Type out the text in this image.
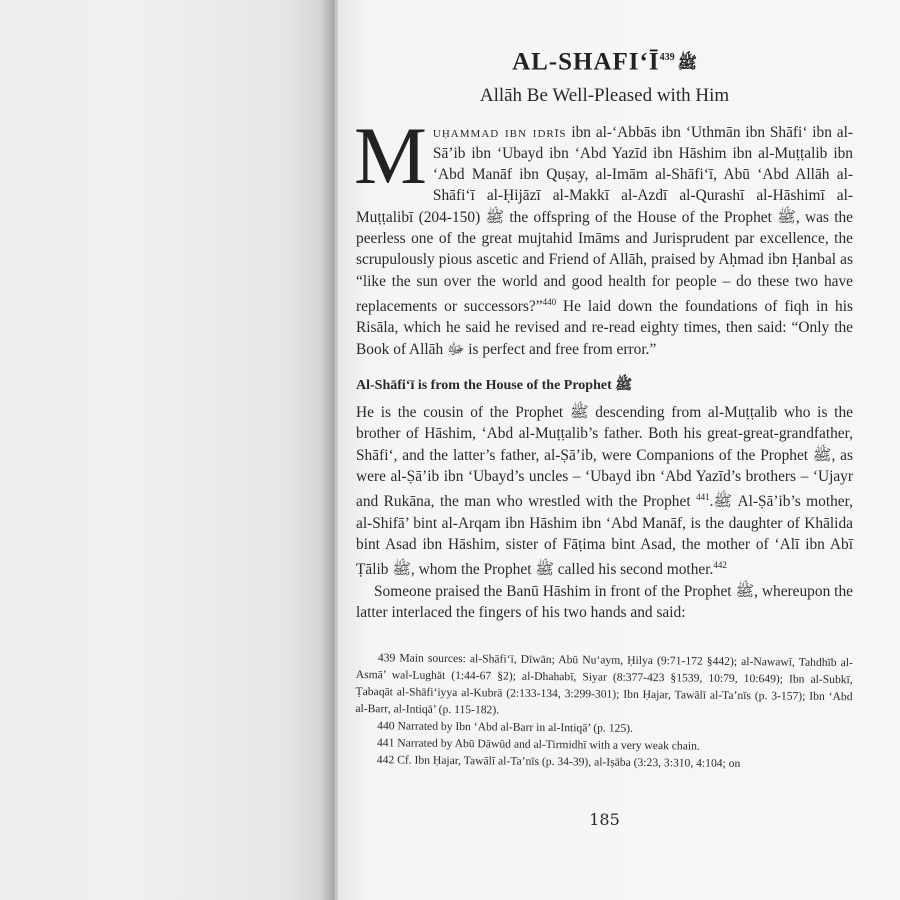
$AL-SHAFI‘Ī^{439}$ ﷺ
Allāh Be Well-Pleased with Him

Muḥammad ibn idrīs ibn al-‘Abbās ibn ‘Uthmān ibn Shāfi‘ ibn al-Sā’ib ibn ‘Ubayd ibn ‘Abd Yazīd ibn Hāshim ibn al-Muṭṭalib ibn ‘Abd Manāf ibn Quṣay, al-Imām al-Shāfi‘ī, Abū ‘Abd Allāh al-Shāfi‘ī al-Ḥijāzī al-Makkī al-Azdī al-Qurashī al-Hāshimī al-Muṭṭalibī ﷺ (150-204) the offspring of the House of the Prophet ﷺ, was the peerless one of the great mujtahid Imāms and Jurisprudent par excellence, the scrupulously pious ascetic and Friend of Allāh, praised by Aḥmad ibn Ḥanbal as “like the sun over the world and good health for people – do these two have replacements or successors?”$^{440}$ He laid down the foundations of fiqh in his Risāla, which he said he revised and re-read eighty times, then said: “Only the Book of Allāh ﷻ is perfect and free from error.”

Al-Shāfi‘ī is from the House of the Prophet ﷺ

He is the cousin of the Prophet ﷺ descending from al-Muṭṭalib who is the brother of Hāshim, ‘Abd al-Muṭṭalib’s father. Both his great-great-grandfather, Shāfi‘, and the latter’s father, al-Ṣā’ib, were Companions of the Prophet ﷺ, as were al-Ṣā’ib ibn ‘Ubayd’s uncles – ‘Ubayd ibn ‘Abd Yazīd’s brothers – ‘Ujayr and Rukāna, the man who wrestled with the Prophet ﷺ.$^{441}$ Al-Ṣā’ib’s mother, al-Shifā’ bint al-Arqam ibn Hāshim ibn ‘Abd Manāf, is the daughter of Khālida bint Asad ibn Hāshim, sister of Fāṭima bint Asad, the mother of ‘Alī ibn Abī Ṭālib ﷺ, whom the Prophet ﷺ called his second mother.$^{442}$

Someone praised the Banū Hāshim in front of the Prophet ﷺ, whereupon the latter interlaced the fingers of his two hands and said:

439 Main sources: al-Shāfi‘ī, Dīwān; Abū Nu‘aym, Ḥilya (9:71-172 §442); al-Nawawī, Tahdhīb al-Asmā’ wal-Lughāt (1:44-67 §2); al-Dhahabī, Siyar (8:377-423 §1539, 10:79, 10:649); Ibn al-Subkī, Ṭabaqāt al-Shāfi‘iyya al-Kubrā (2:133-134, 3:299-301); Ibn Ḥajar, Tawālī al-Ta’nīs (p. 3-157); Ibn ‘Abd al-Barr, al-Intiqā’ (p. 115-182).

440 Narrated by Ibn ‘Abd al-Barr in al-Intiqā’ (p. 125).

441 Narrated by Abū Dāwūd and al-Tirmidhī with a very weak chain.

442 Cf. Ibn Ḥajar, Tawālī al-Ta’nīs (p. 34-39), al-Iṣāba (3:23, 3:310, 4:104; on

185
